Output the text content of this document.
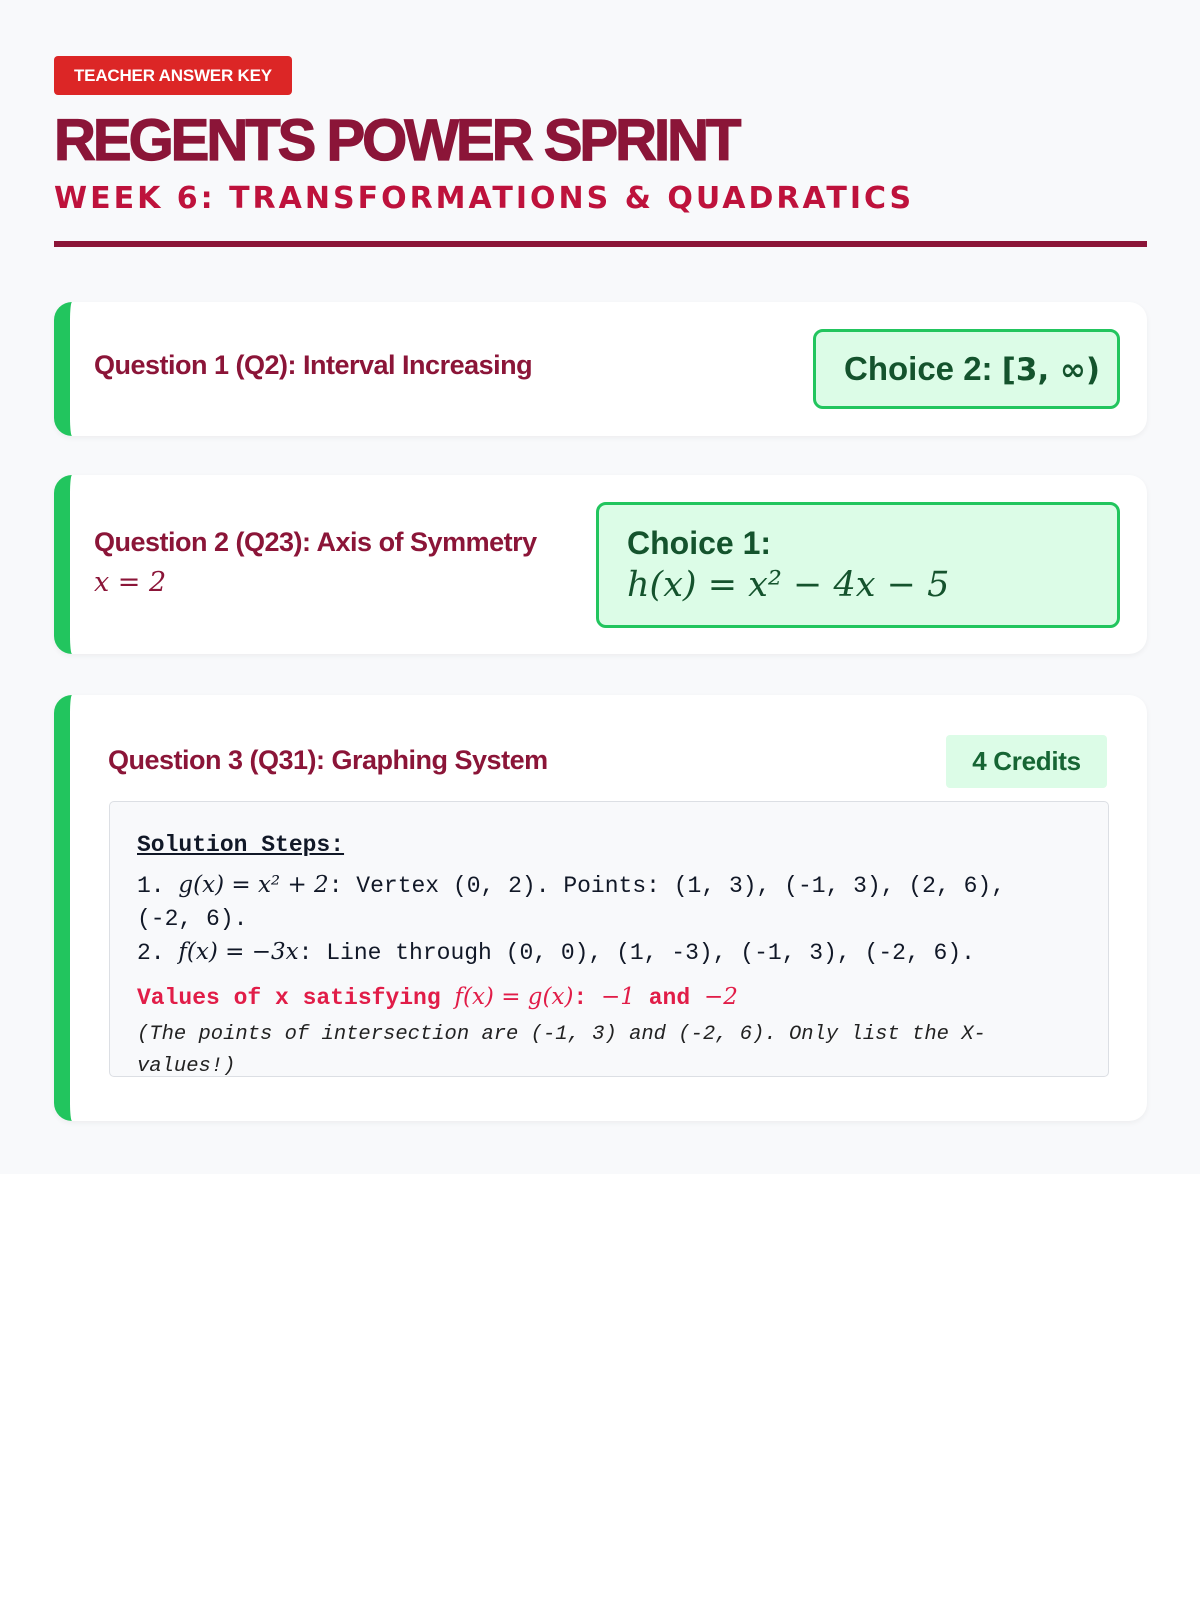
TEACHER ANSWER KEY
REGENTS POWER SPRINT
WEEK 6: TRANSFORMATIONS & QUADRATICS
Question 1 (Q2): Interval Increasing	Choice 2: [3, ∞)
Question 2 (Q23): Axis of Symmetry
x = 2
Choice 1:
h(x) = x² − 4x − 5
Question 3 (Q31): Graphing System	4 Credits
Solution Steps:
1. g(x) = x² + 2: Vertex (0, 2). Points: (1, 3), (-1, 3), (2, 6),
(-2, 6).
2. f(x) = −3x: Line through (0, 0), (1, -3), (-1, 3), (-2, 6).
Values of x satisfying f(x) = g(x): −1 and −2
(The points of intersection are (-1, 3) and (-2, 6). Only list the X-values!)
